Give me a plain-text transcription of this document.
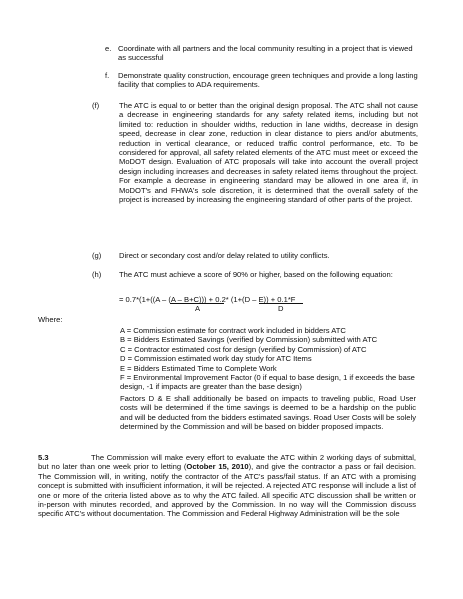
e. Coordinate with all partners and the local community resulting in a project that is viewed as successful
f. Demonstrate quality construction, encourage green techniques and provide a long lasting facility that complies to ADA requirements.
(f)	The ATC is equal to or better than the original design proposal. The ATC shall not cause a decrease in engineering standards for any safety related items, including but not limited to: reduction in shoulder widths, reduction in lane widths, decrease in design speed, decrease in clear zone, reduction in clear distance to piers and/or abutments, reduction in vertical clearance, or reduced traffic control performance, etc. To be considered for approval, all safety related elements of the ATC must meet or exceed the MoDOT design. Evaluation of ATC proposals will take into account the overall project design including increases and decreases in safety related items throughout the project. For example a decrease in engineering standard may be allowed in one area if, in MoDOT's and FHWA's sole discretion, it is determined that the overall safety of the project is increased by increasing the engineering standard of other parts of the project.
(g) Direct or secondary cost and/or delay related to utility conflicts.
(h) The ATC must achieve a score of 90% or higher, based on the following equation:
= 0.7*(1+((A – (A – B+C))) + 0.2* (1+(D – E)) + 0.1*F
A	D
Where:
A = Commission estimate for contract work included in bidders ATC
B = Bidders Estimated Savings (verified by Commission) submitted with ATC
C = Contractor estimated cost for design (verified by Commission) of ATC
D = Commission estimated work day study for ATC Items
E = Bidders Estimated Time to Complete Work
F = Environmental Improvement Factor (0 if equal to base design, 1 if exceeds the base design, -1 if impacts are greater than the base design)
Factors D & E shall additionally be based on impacts to traveling public, Road User costs will be determined if the time savings is deemed to be a hardship on the public and will be deducted from the bidders estimated savings. Road User Costs will be solely determined by the Commission and will be based on bidder proposed impacts.
5.3	The Commission will make every effort to evaluate the ATC within 2 working days of submittal, but no later than one week prior to letting (October 15, 2010), and give the contractor a pass or fail decision. The Commission will, in writing, notify the contractor of the ATC's pass/fail status. If an ATC with a promising concept is submitted with insufficient information, it will be rejected. A rejected ATC response will include a list of one or more of the criteria listed above as to why the ATC failed. All specific ATC discussion shall be written or in-person with minutes recorded, and approved by the Commission. In no way will the Commission discuss specific ATC's without documentation. The Commission and Federal Highway Administration will be the sole
